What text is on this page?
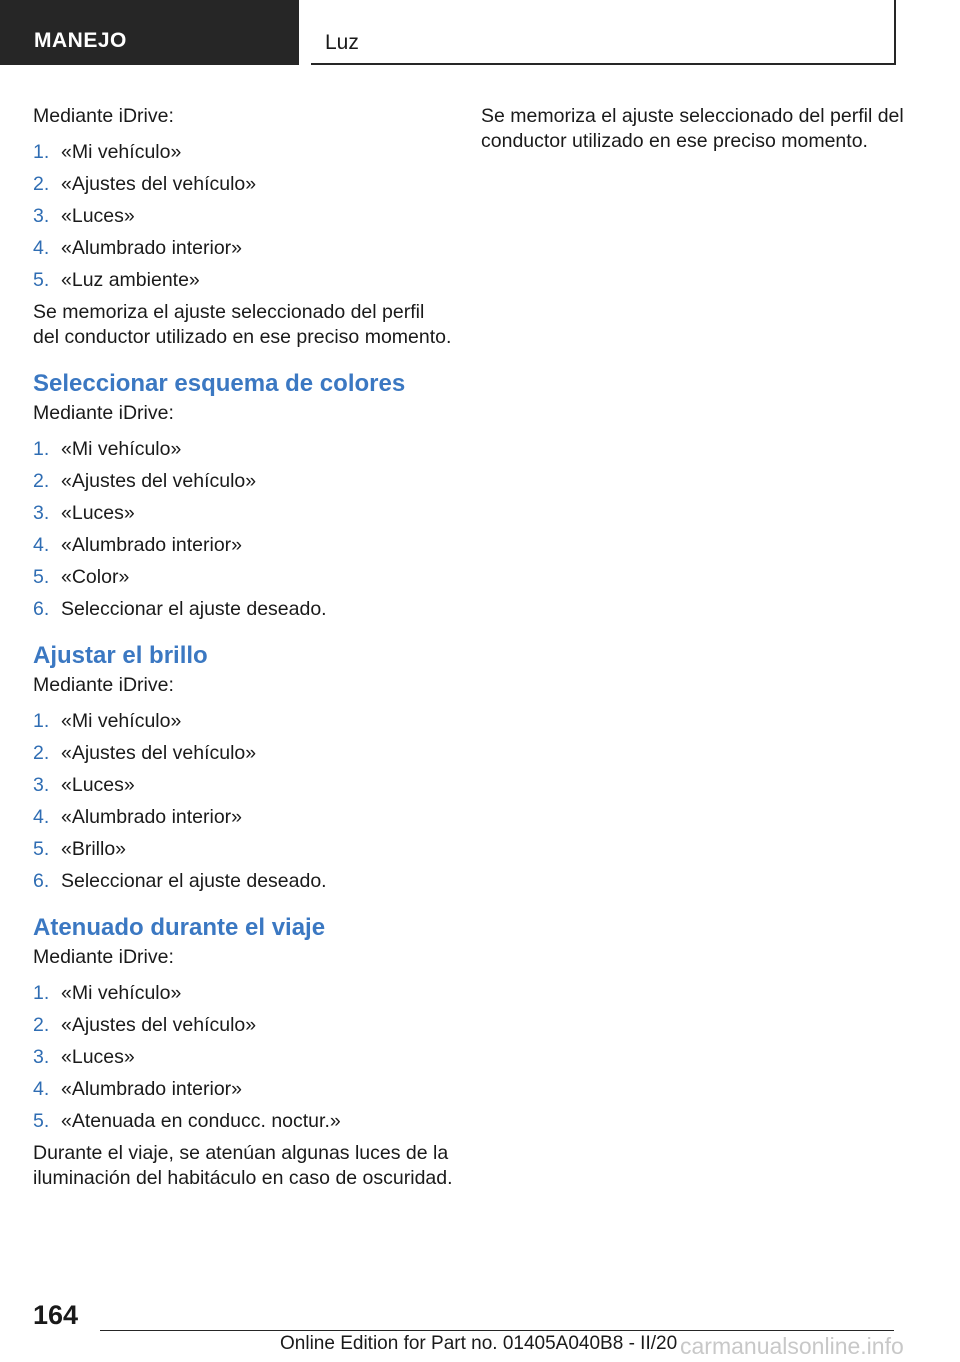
MANEJO	Luz

Mediante iDrive:

1. «Mi vehículo»
2. «Ajustes del vehículo»
3. «Luces»
4. «Alumbrado interior»
5. «Luz ambiente»

Se memoriza el ajuste seleccionado del perfil del conductor utilizado en ese preciso momento.

Seleccionar esquema de colores

Mediante iDrive:

1. «Mi vehículo»
2. «Ajustes del vehículo»
3. «Luces»
4. «Alumbrado interior»
5. «Color»
6. Seleccionar el ajuste deseado.
Ajustar el brillo

Mediante iDrive:

1. «Mi vehículo»
2. «Ajustes del vehículo»
3. «Luces»
4. «Alumbrado interior»
5. «Brillo»
6. Seleccionar el ajuste deseado.
Atenuado durante el viaje

Mediante iDrive:

1. «Mi vehículo»
2. «Ajustes del vehículo»
3. «Luces»
4. «Alumbrado interior»
5. «Atenuada en conducc. noctur.»

Durante el viaje, se atenúan algunas luces de la iluminación del habitáculo en caso de oscuridad.

Se memoriza el ajuste seleccionado del perfil del conductor utilizado en ese preciso momento.

164
Online Edition for Part no. 01405A040B8 - II/20 carmanualsonline.info
